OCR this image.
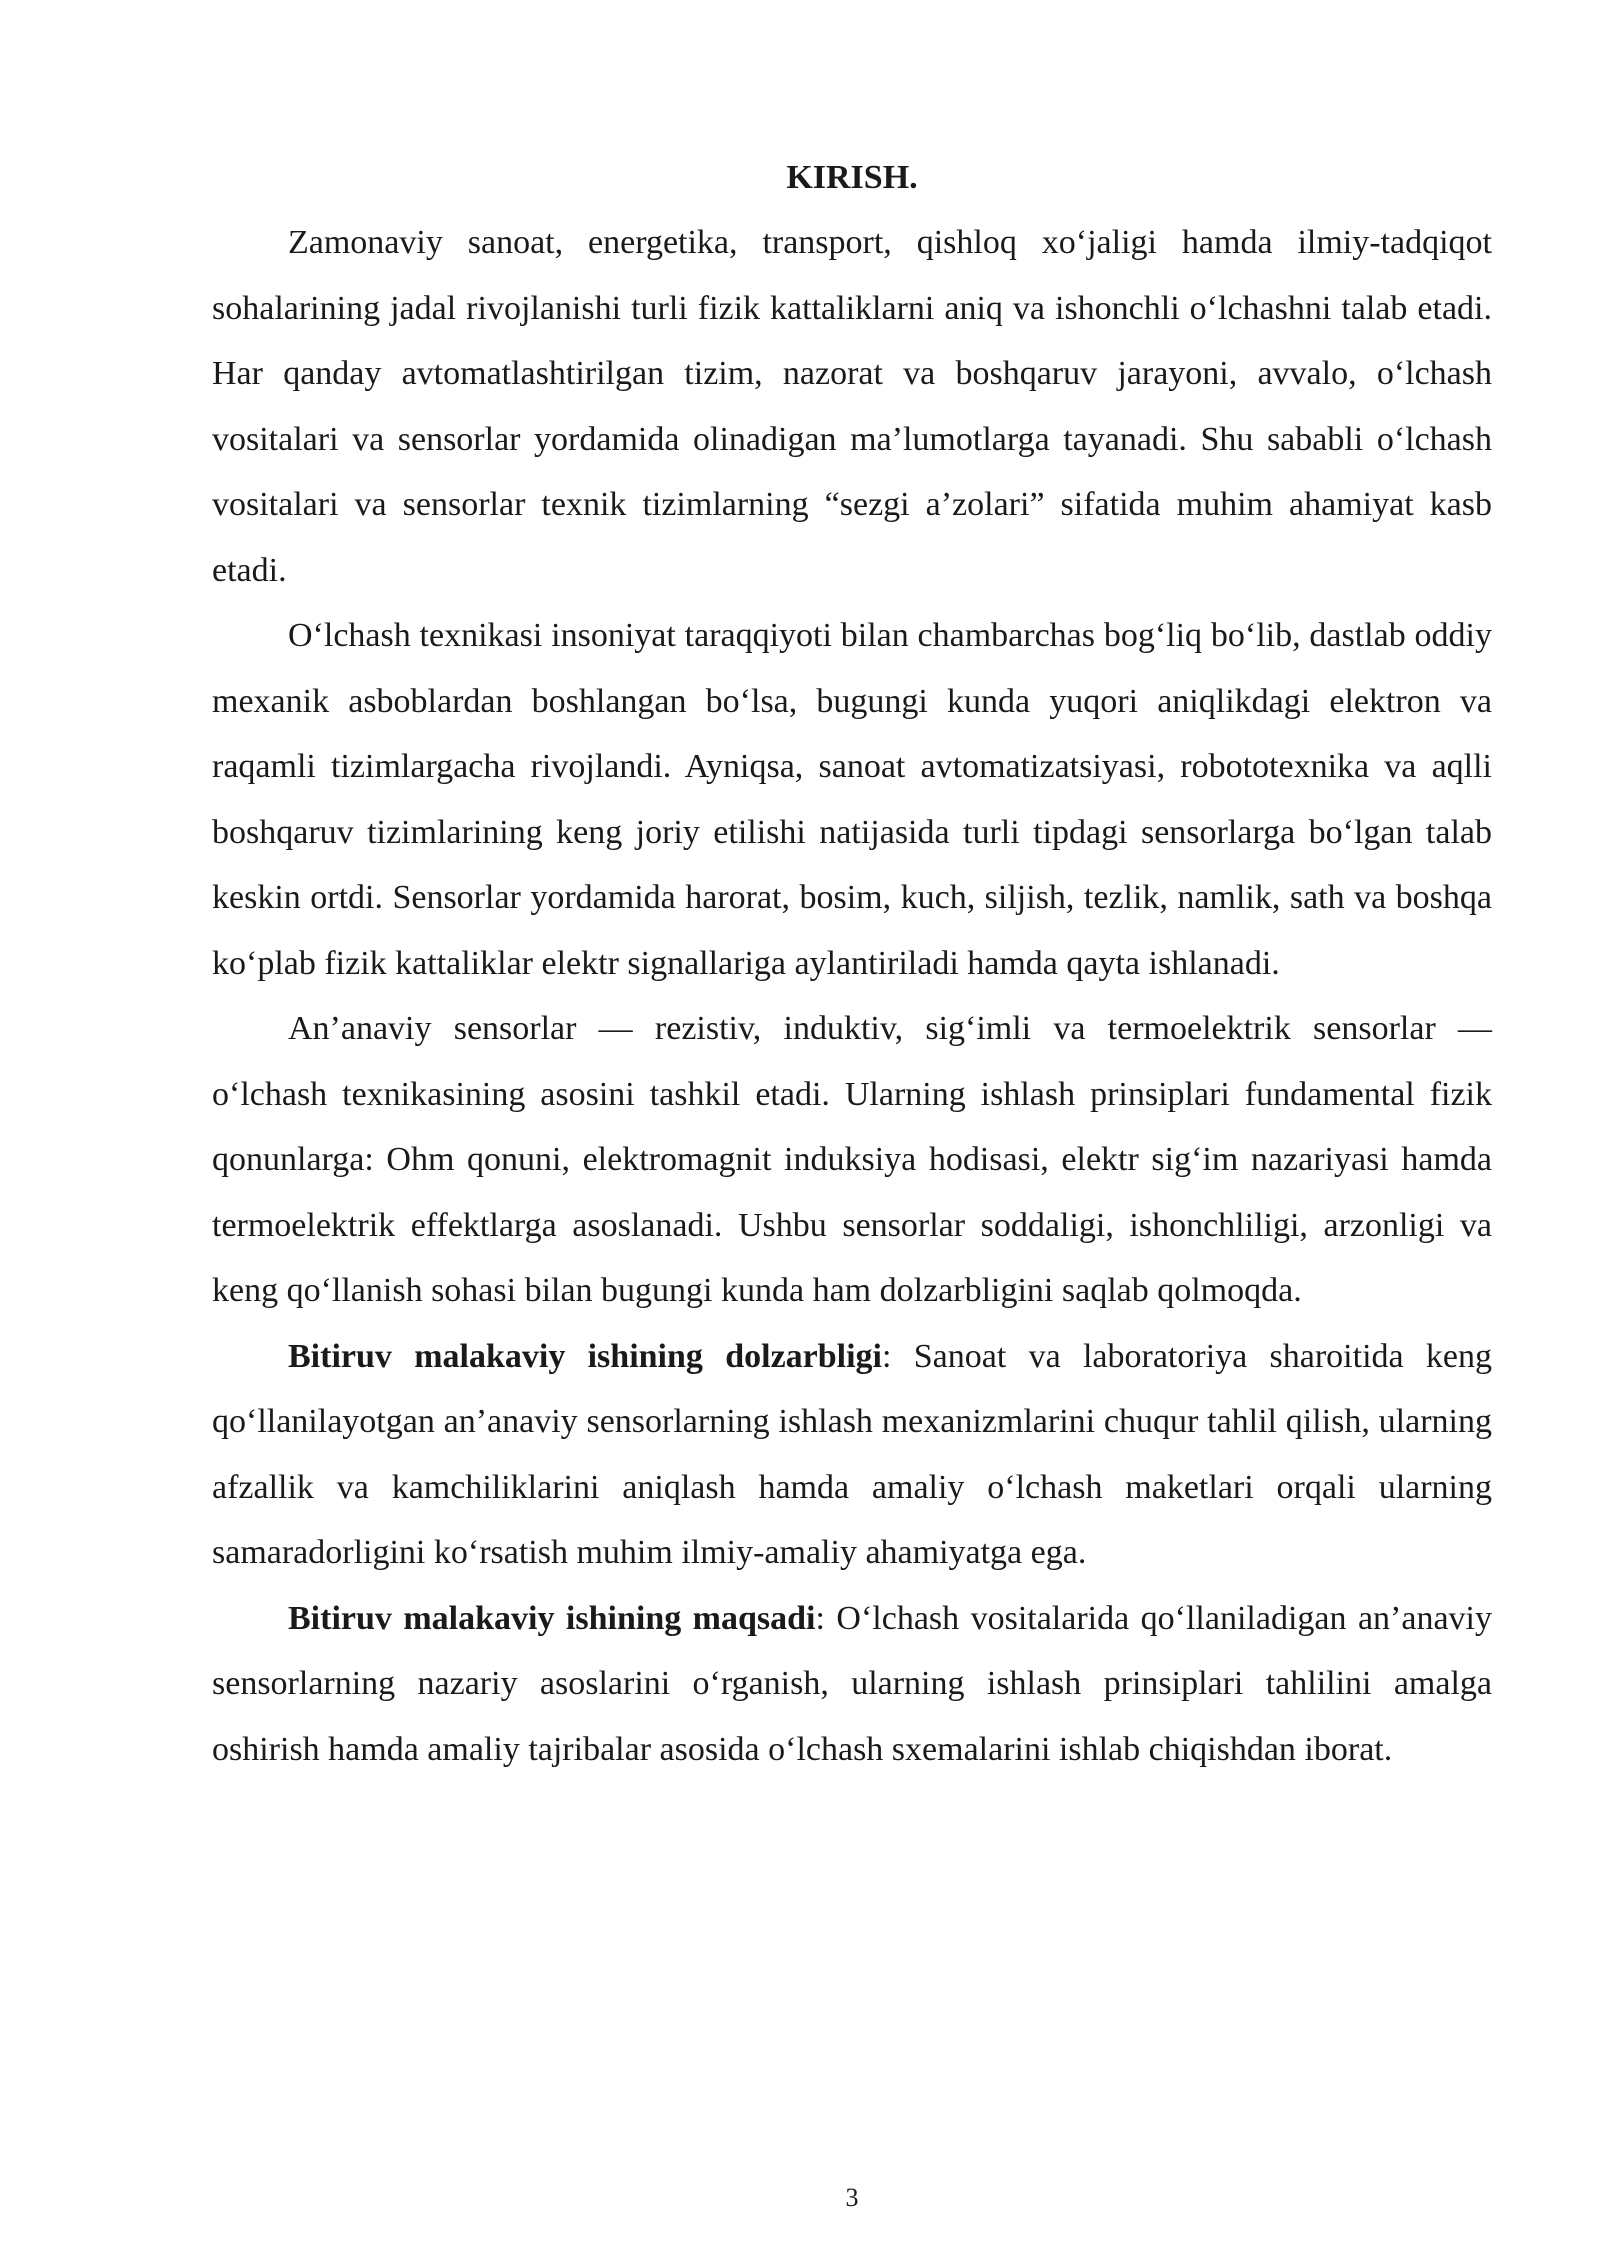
KIRISH.

Zamonaviy sanoat, energetika, transport, qishloq xo‘jaligi hamda ilmiy-tadqiqot sohalarining jadal rivojlanishi turli fizik kattaliklarni aniq va ishonchli o‘lchashni talab etadi. Har qanday avtomatlashtirilgan tizim, nazorat va boshqaruv jarayoni, avvalo, o‘lchash vositalari va sensorlar yordamida olinadigan ma’lumotlarga tayanadi. Shu sababli o‘lchash vositalari va sensorlar texnik tizimlarning “sezgi a’zolari” sifatida muhim ahamiyat kasb etadi.

O‘lchash texnikasi insoniyat taraqqiyoti bilan chambarchas bog‘liq bo‘lib, dastlab oddiy mexanik asboblardan boshlangan bo‘lsa, bugungi kunda yuqori aniqlikdagi elektron va raqamli tizimlargacha rivojlandi. Ayniqsa, sanoat avtomatizatsiyasi, robototexnika va aqlli boshqaruv tizimlarining keng joriy etilishi natijasida turli tipdagi sensorlarga bo‘lgan talab keskin ortdi. Sensorlar yordamida harorat, bosim, kuch, siljish, tezlik, namlik, sath va boshqa ko‘plab fizik kattaliklar elektr signallariga aylantiriladi hamda qayta ishlanadi.

An’anaviy sensorlar — rezistiv, induktiv, sig‘imli va termoelektrik sensorlar — o‘lchash texnikasining asosini tashkil etadi. Ularning ishlash prinsiplari fundamental fizik qonunlarga: Ohm qonuni, elektromagnit induksiya hodisasi, elektr sig‘im nazariyasi hamda termoelektrik effektlarga asoslanadi. Ushbu sensorlar soddaligi, ishonchliligi, arzonligi va keng qo‘llanish sohasi bilan bugungi kunda ham dolzarbligini saqlab qolmoqda.

Bitiruv malakaviy ishining dolzarbligi: Sanoat va laboratoriya sharoitida keng qo‘llanilayotgan an’anaviy sensorlarning ishlash mexanizmlarini chuqur tahlil qilish, ularning afzallik va kamchiliklarini aniqlash hamda amaliy o‘lchash maketlari orqali ularning samaradorligini ko‘rsatish muhim ilmiy-amaliy ahamiyatga ega.

Bitiruv malakaviy ishining maqsadi: O‘lchash vositalarida qo‘llaniladigan an’anaviy sensorlarning nazariy asoslarini o‘rganish, ularning ishlash prinsiplari tahlilini amalga oshirish hamda amaliy tajribalar asosida o‘lchash sxemalarini ishlab chiqishdan iborat.

3
